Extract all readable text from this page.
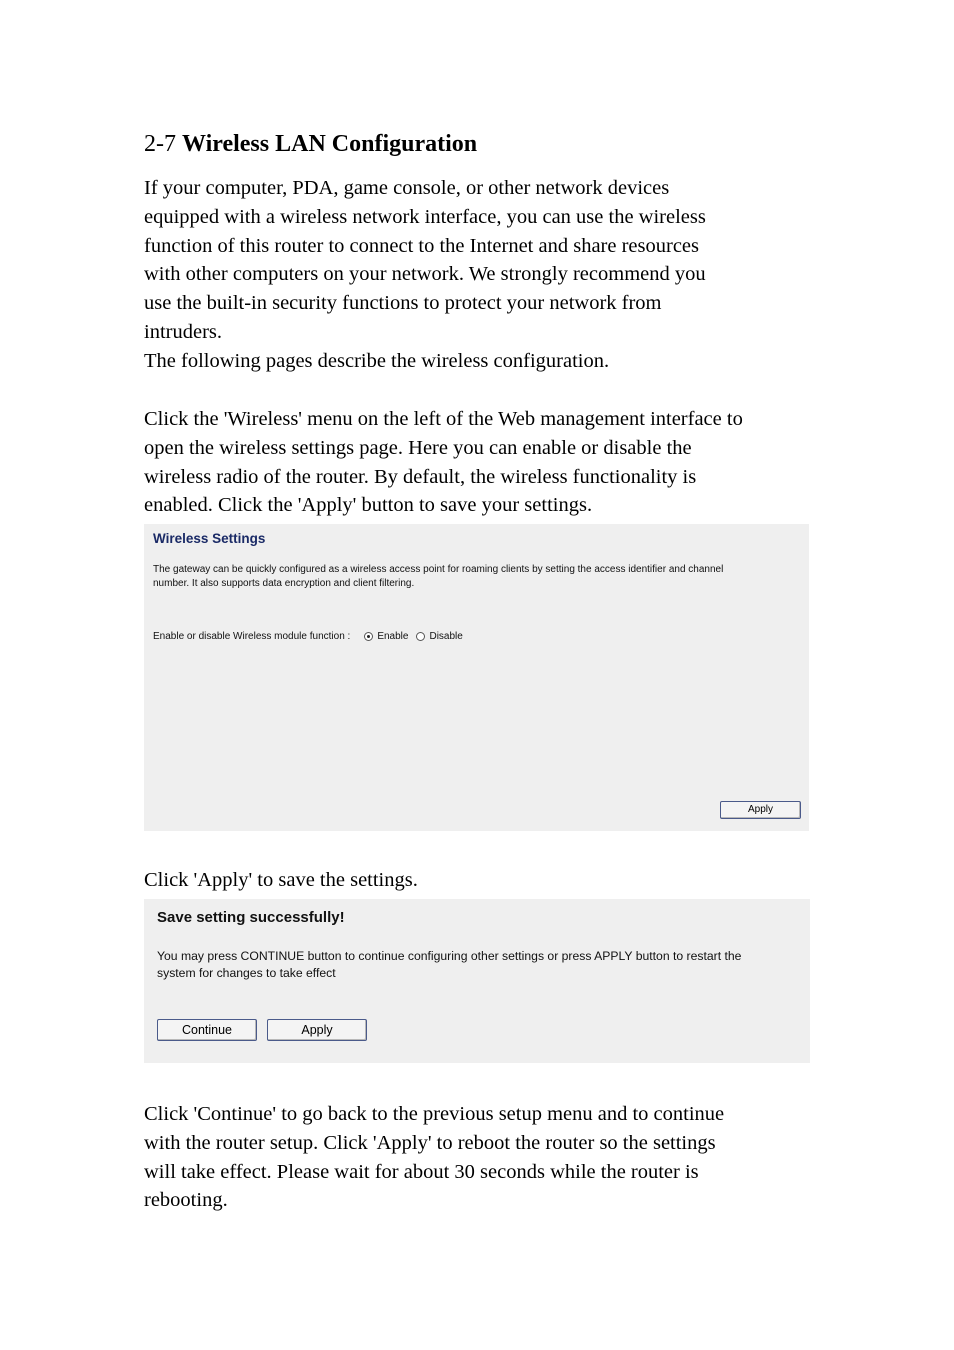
2-7 Wireless LAN Configuration
If your computer, PDA, game console, or other network devices
equipped with a wireless network interface, you can use the wireless
function of this router to connect to the Internet and share resources
with other computers on your network. We strongly recommend you
use the built-in security functions to protect your network from
intruders.
The following pages describe the wireless configuration.
Click the 'Wireless' menu on the left of the Web management interface to
open the wireless settings page. Here you can enable or disable the
wireless radio of the router. By default, the wireless functionality is
enabled. Click the 'Apply' button to save your settings.
Wireless Settings
The gateway can be quickly configured as a wireless access point for roaming clients by setting the access identifier and channel
number. It also supports data encryption and client filtering.
Enable or disable Wireless module function :	Enable Disable
Apply
Click 'Apply' to save the settings.
Save setting successfully!
You may press CONTINUE button to continue configuring other settings or press APPLY button to restart the
system for changes to take effect
Continue	Apply
Click 'Continue' to go back to the previous setup menu and to continue
with the router setup. Click 'Apply' to reboot the router so the settings
will take effect. Please wait for about 30 seconds while the router is
rebooting.
